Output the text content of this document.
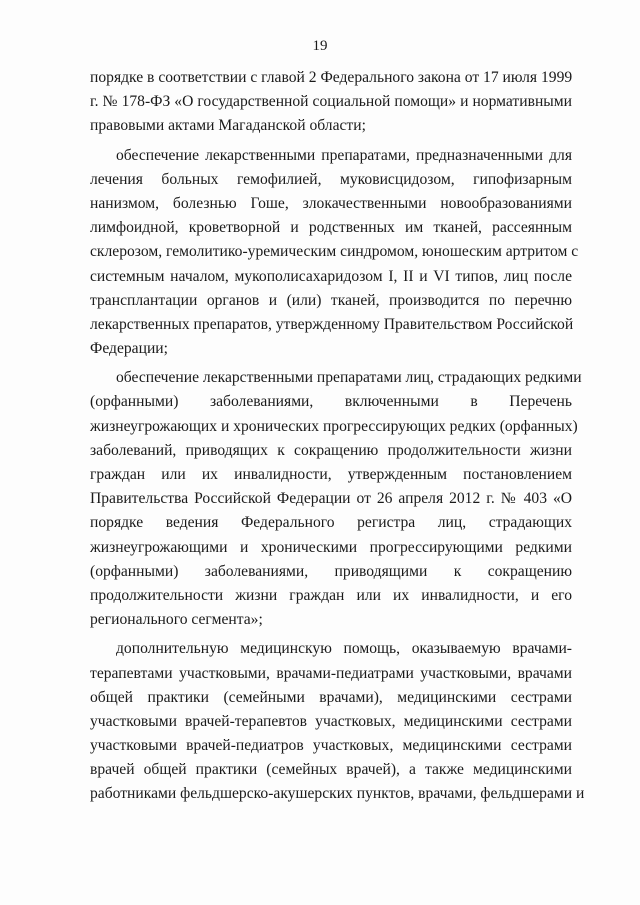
19
порядке в соответствии с главой 2 Федерального закона от 17 июля 1999
г. № 178-ФЗ «О государственной социальной помощи» и нормативными
правовыми актами Магаданской области;
обеспечение лекарственными препаратами, предназначенными для
лечения больных гемофилией, муковисцидозом, гипофизарным
нанизмом, болезнью Гоше, злокачественными новообразованиями
лимфоидной, кроветворной и родственных им тканей, рассеянным
склерозом, гемолитико-уремическим синдромом, юношеским артритом с
системным началом, мукополисахаридозом I, II и VI типов, лиц после
трансплантации органов и (или) тканей, производится по перечню
лекарственных препаратов, утвержденному Правительством Российской
Федерации;
обеспечение лекарственными препаратами лиц, страдающих редкими
(орфанными) заболеваниями, включенными в Перечень
жизнеугрожающих и хронических прогрессирующих редких (орфанных)
заболеваний, приводящих к сокращению продолжительности жизни
граждан или их инвалидности, утвержденным постановлением
Правительства Российской Федерации от 26 апреля 2012 г. № 403 «О
порядке ведения Федерального регистра лиц, страдающих
жизнеугрожающими и хроническими прогрессирующими редкими
(орфанными) заболеваниями, приводящими к сокращению
продолжительности жизни граждан или их инвалидности, и его
регионального сегмента»;
дополнительную медицинскую помощь, оказываемую врачами-
терапевтами участковыми, врачами-педиатрами участковыми, врачами
общей практики (семейными врачами), медицинскими сестрами
участковыми врачей-терапевтов участковых, медицинскими сестрами
участковыми врачей-педиатров участковых, медицинскими сестрами
врачей общей практики (семейных врачей), а также медицинскими
работниками фельдшерско-акушерских пунктов, врачами, фельдшерами и
